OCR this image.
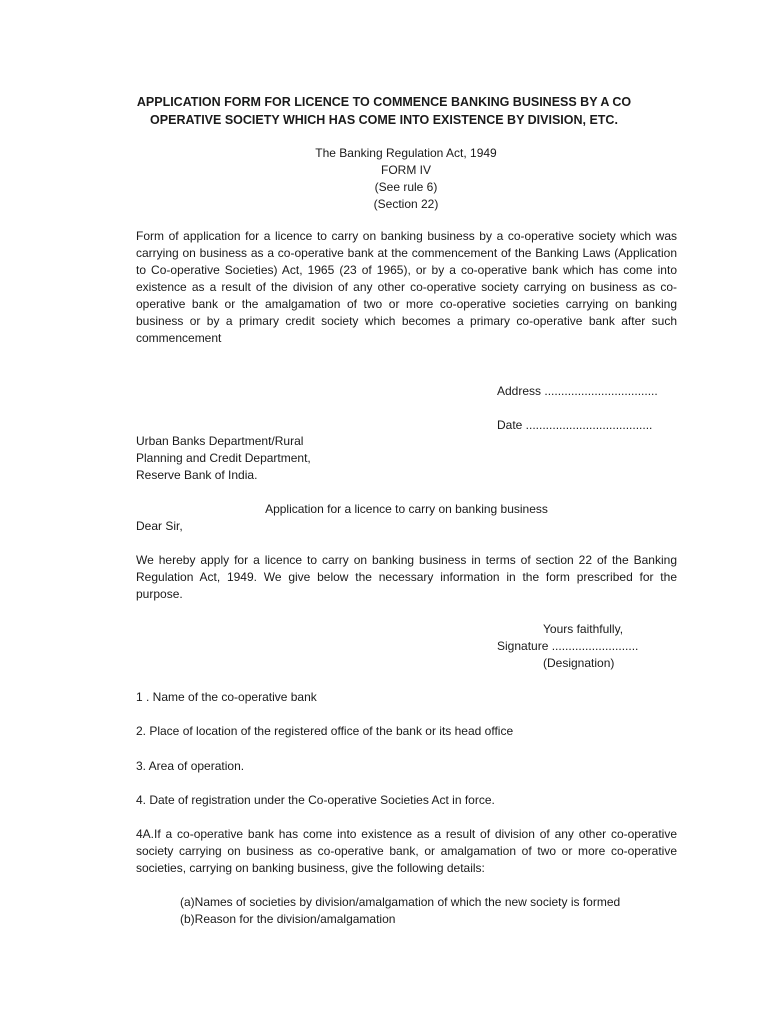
APPLICATION FORM FOR LICENCE TO COMMENCE BANKING BUSINESS BY A CO
OPERATIVE SOCIETY WHICH HAS COME INTO EXISTENCE BY DIVISION, ETC.
The Banking Regulation Act, 1949
FORM IV
(See rule 6)
(Section 22)
Form of application for a licence to carry on banking business by a co-operative society which was carrying on business as a co-operative bank at the commencement of the Banking Laws (Application to Co-operative Societies) Act, 1965 (23 of 1965), or by a co-operative bank which has come into existence as a result of the division of any other co-operative society carrying on business as co-operative bank or the amalgamation of two or more co-operative societies carrying on banking business or by a primary credit society which becomes a primary co-operative bank after such commencement
Address ..................................
Date ......................................
Urban Banks Department/Rural
Planning and Credit Department,
Reserve Bank of India.
Application for a licence to carry on banking business
Dear Sir,
We hereby apply for a licence to carry on banking business in terms of section 22 of the Banking Regulation Act, 1949. We give below the necessary information in the form prescribed for the purpose.
Yours faithfully,
Signature ..........................
(Designation)
1 . Name of the co-operative bank
2. Place of location of the registered office of the bank or its head office
3. Area of operation.
4. Date of registration under the Co-operative Societies Act in force.
4A.If a co-operative bank has come into existence as a result of division of any other co-operative society carrying on business as co-operative bank, or amalgamation of two or more co-operative societies, carrying on banking business, give the following details:
(a)Names of societies by division/amalgamation of which the new society is formed
(b)Reason for the division/amalgamation
